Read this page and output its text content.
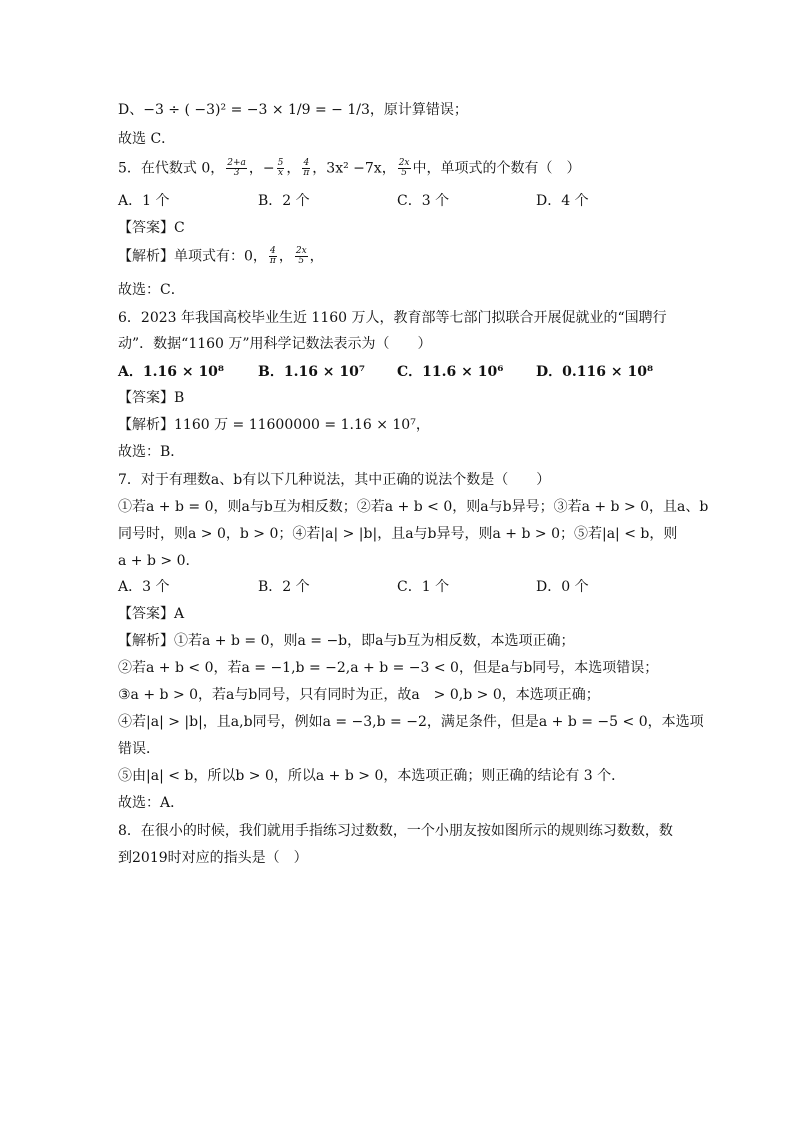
D、−3 ÷ ( −3)² = −3 × 1/9 = − 1/3，原计算错误；
故选 C．
5．在代数式 0， $\frac{2+a}{3}$ ，− $\frac{5}{x}$ ， $\frac{4}{\pi}$ ，3x² −7x， $\frac{2x}{5}$ 中，单项式的个数有（　）
A．1 个	B．2 个	C．3 个	D．4 个
【答案】C
【解析】单项式有：0， $\frac{4}{\pi}$ ， $\frac{2x}{5}$ ，
故选：C．
6．2023 年我国高校毕业生近 1160 万人，教育部等七部门拟联合开展促就业的“国聘行
动”．数据“1160 万”用科学记数法表示为（　　）
A．1.16 × 10⁸ B．1.16 × 10⁷ C．11.6 × 10⁶ D．0.116 × 10⁸
【答案】B
【解析】1160 万 = 11600000 = 1.16 × 10⁷，
故选：B．
7．对于有理数a、b有以下几种说法，其中正确的说法个数是（　　）
①若a + b = 0，则a与b互为相反数；②若a + b < 0，则a与b异号；③若a + b > 0，且a、b
同号时，则a > 0，b > 0；④若|a| > |b|，且a与b异号，则a + b > 0；⑤若|a| < b，则
a + b > 0.
A．3 个	B．2 个	C．1 个	D．0 个
【答案】A
【解析】①若a + b = 0，则a = −b，即a与b互为相反数，本选项正确；
②若a + b < 0，若a = −1,b = −2,a + b = −3 < 0，但是a与b同号，本选项错误；
③a + b > 0，若a与b同号，只有同时为正，故a　> 0,b > 0，本选项正确；
④若|a| > |b|，且a,b同号，例如a = −3,b = −2，满足条件，但是a + b = −5 < 0，本选项
错误．
⑤由|a| < b，所以b > 0，所以a + b > 0，本选项正确；则正确的结论有 3 个．
故选：A．
8．在很小的时候，我们就用手指练习过数数，一个小朋友按如图所示的规则练习数数，数
到2019时对应的指头是（　）
